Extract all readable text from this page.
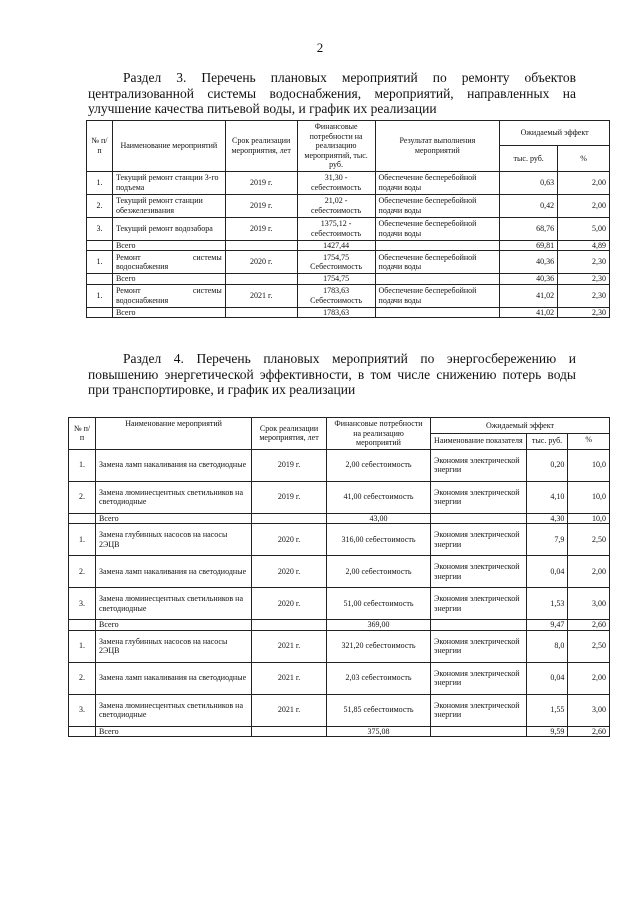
2
Раздел 3. Перечень плановых мероприятий по ремонту объектов централизованной системы водоснабжения, мероприятий, направленных на улучшение качества питьевой воды, и график их реализации
№ п/п	Наименование мероприятий	Срок реализации мероприятия, лет	Финансовые потребности на реализацию мероприятий, тыс. руб.	Результат выполнения мероприятий	Ожидаемый эффект	
					тыс. руб.	%
1.	Текущий ремонт станции 3-го подъема	2019 г.	31,30 - себестоимость	Обеспечение бесперебойной подачи воды	0,63	2,00
2.	Текущий ремонт станции обезжелезивания	2019 г.	21,02 - себестоимость	Обеспечение бесперебойной подачи воды	0,42	2,00
3.	Текущий ремонт водозабора	2019 г.	1375,12 - себестоимость	Обеспечение бесперебойной подачи воды	68,76	5,00
	Всего		1427,44		69,81	4,89
1.	Ремонт системы водоснабжения	2020 г.	1754,75 Себестоимость	Обеспечение бесперебойной подачи воды	40,36	2,30
	Всего		1754,75		40,36	2,30
1.	Ремонт системы водоснабжения	2021 г.	1783,63 Себестоимость	Обеспечение бесперебойной подачи воды	41,02	2,30
	Всего		1783,63		41,02	2,30
Раздел 4. Перечень плановых мероприятий по энергосбережению и повышению энергетической эффективности, в том числе снижению потерь воды при транспортировке, и график их реализации
№ п/п	Наименование мероприятий	Срок реализации мероприятия, лет	Финансовые потребности на реализацию мероприятий	Ожидаемый эффект		
				Наименование показателя	тыс. руб.	%
1.	Замена ламп накаливания на светодиодные	2019 г.	2,00 себестоимость	Экономия электрической энергии	0,20	10,0
2.	Замена люминесцентных светильников на светодиодные	2019 г.	41,00 себестоимость	Экономия электрической энергии	4,10	10,0
	Всего		43,00		4,30	10,0
1.	Замена глубинных насосов на насосы 2ЭЦВ	2020 г.	316,00 себестоимость	Экономия электрической энергии	7,9	2,50
2.	Замена ламп накаливания на светодиодные	2020 г.	2,00 себестоимость	Экономия электрической энергии	0,04	2,00
3.	Замена люминесцентных светильников на светодиодные	2020 г.	51,00 себестоимость	Экономия электрической энергии	1,53	3,00
	Всего		369,00		9,47	2,60
1.	Замена глубинных насосов на насосы 2ЭЦВ	2021 г.	321,20 себестоимость	Экономия электрической энергии	8,0	2,50
2.	Замена ламп накаливания на светодиодные	2021 г.	2,03 себестоимость	Экономия электрической энергии	0,04	2,00
3.	Замена люминесцентных светильников на светодиодные	2021 г.	51,85 себестоимость	Экономия электрической энергии	1,55	3,00
	Всего		375,08		9,59	2,60
